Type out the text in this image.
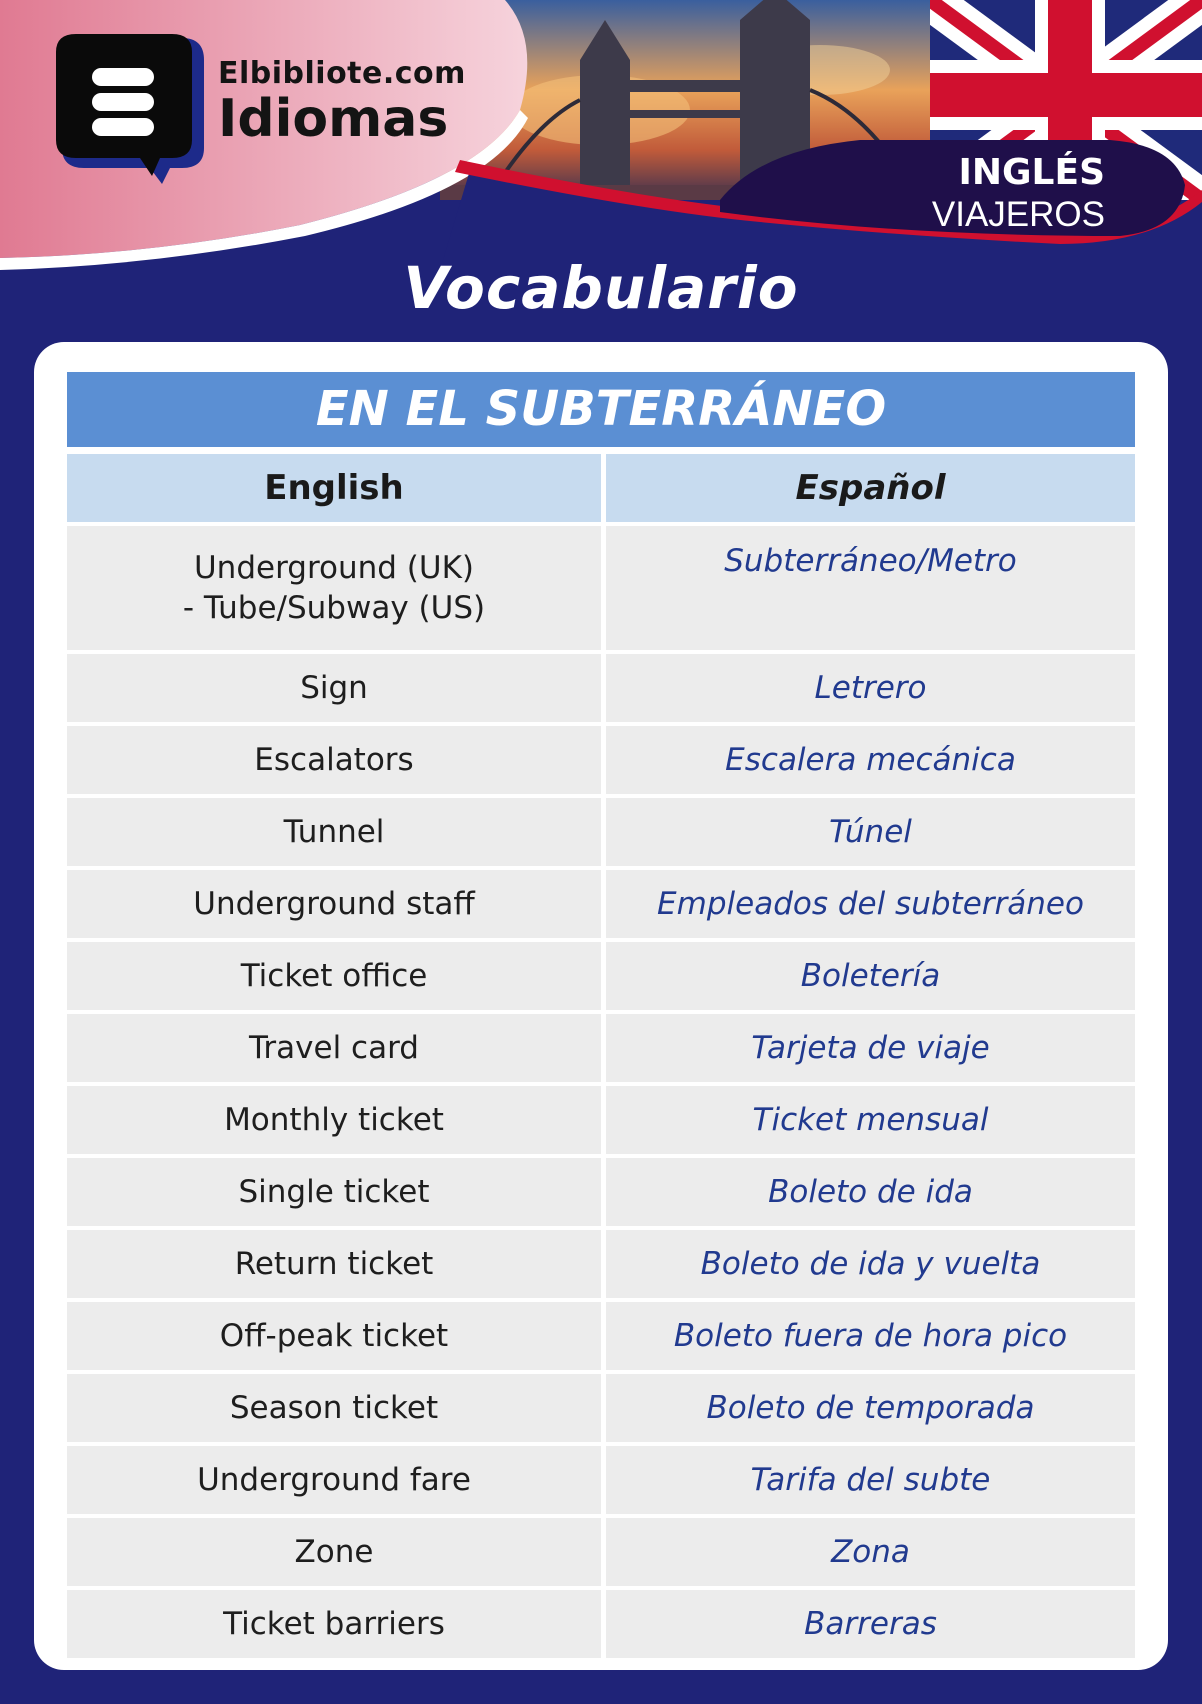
Elbibliote.com
Idiomas
INGLÉS
VIAJEROS
Vocabulario
EN EL SUBTERRÁNEO
English	Español

Underground (UK)
- Tube/Subway (US)	Subterráneo/Metro
Sign	Letrero
Escalators	Escalera mecánica
Tunnel	Túnel
Underground staff	Empleados del subterráneo
Ticket office	Boletería
Travel card	Tarjeta de viaje
Monthly ticket	Ticket mensual
Single ticket	Boleto de ida
Return ticket	Boleto de ida y vuelta
Off-peak ticket	Boleto fuera de hora pico
Season ticket	Boleto de temporada
Underground fare	Tarifa del subte
Zone	Zona
Ticket barriers	Barreras
